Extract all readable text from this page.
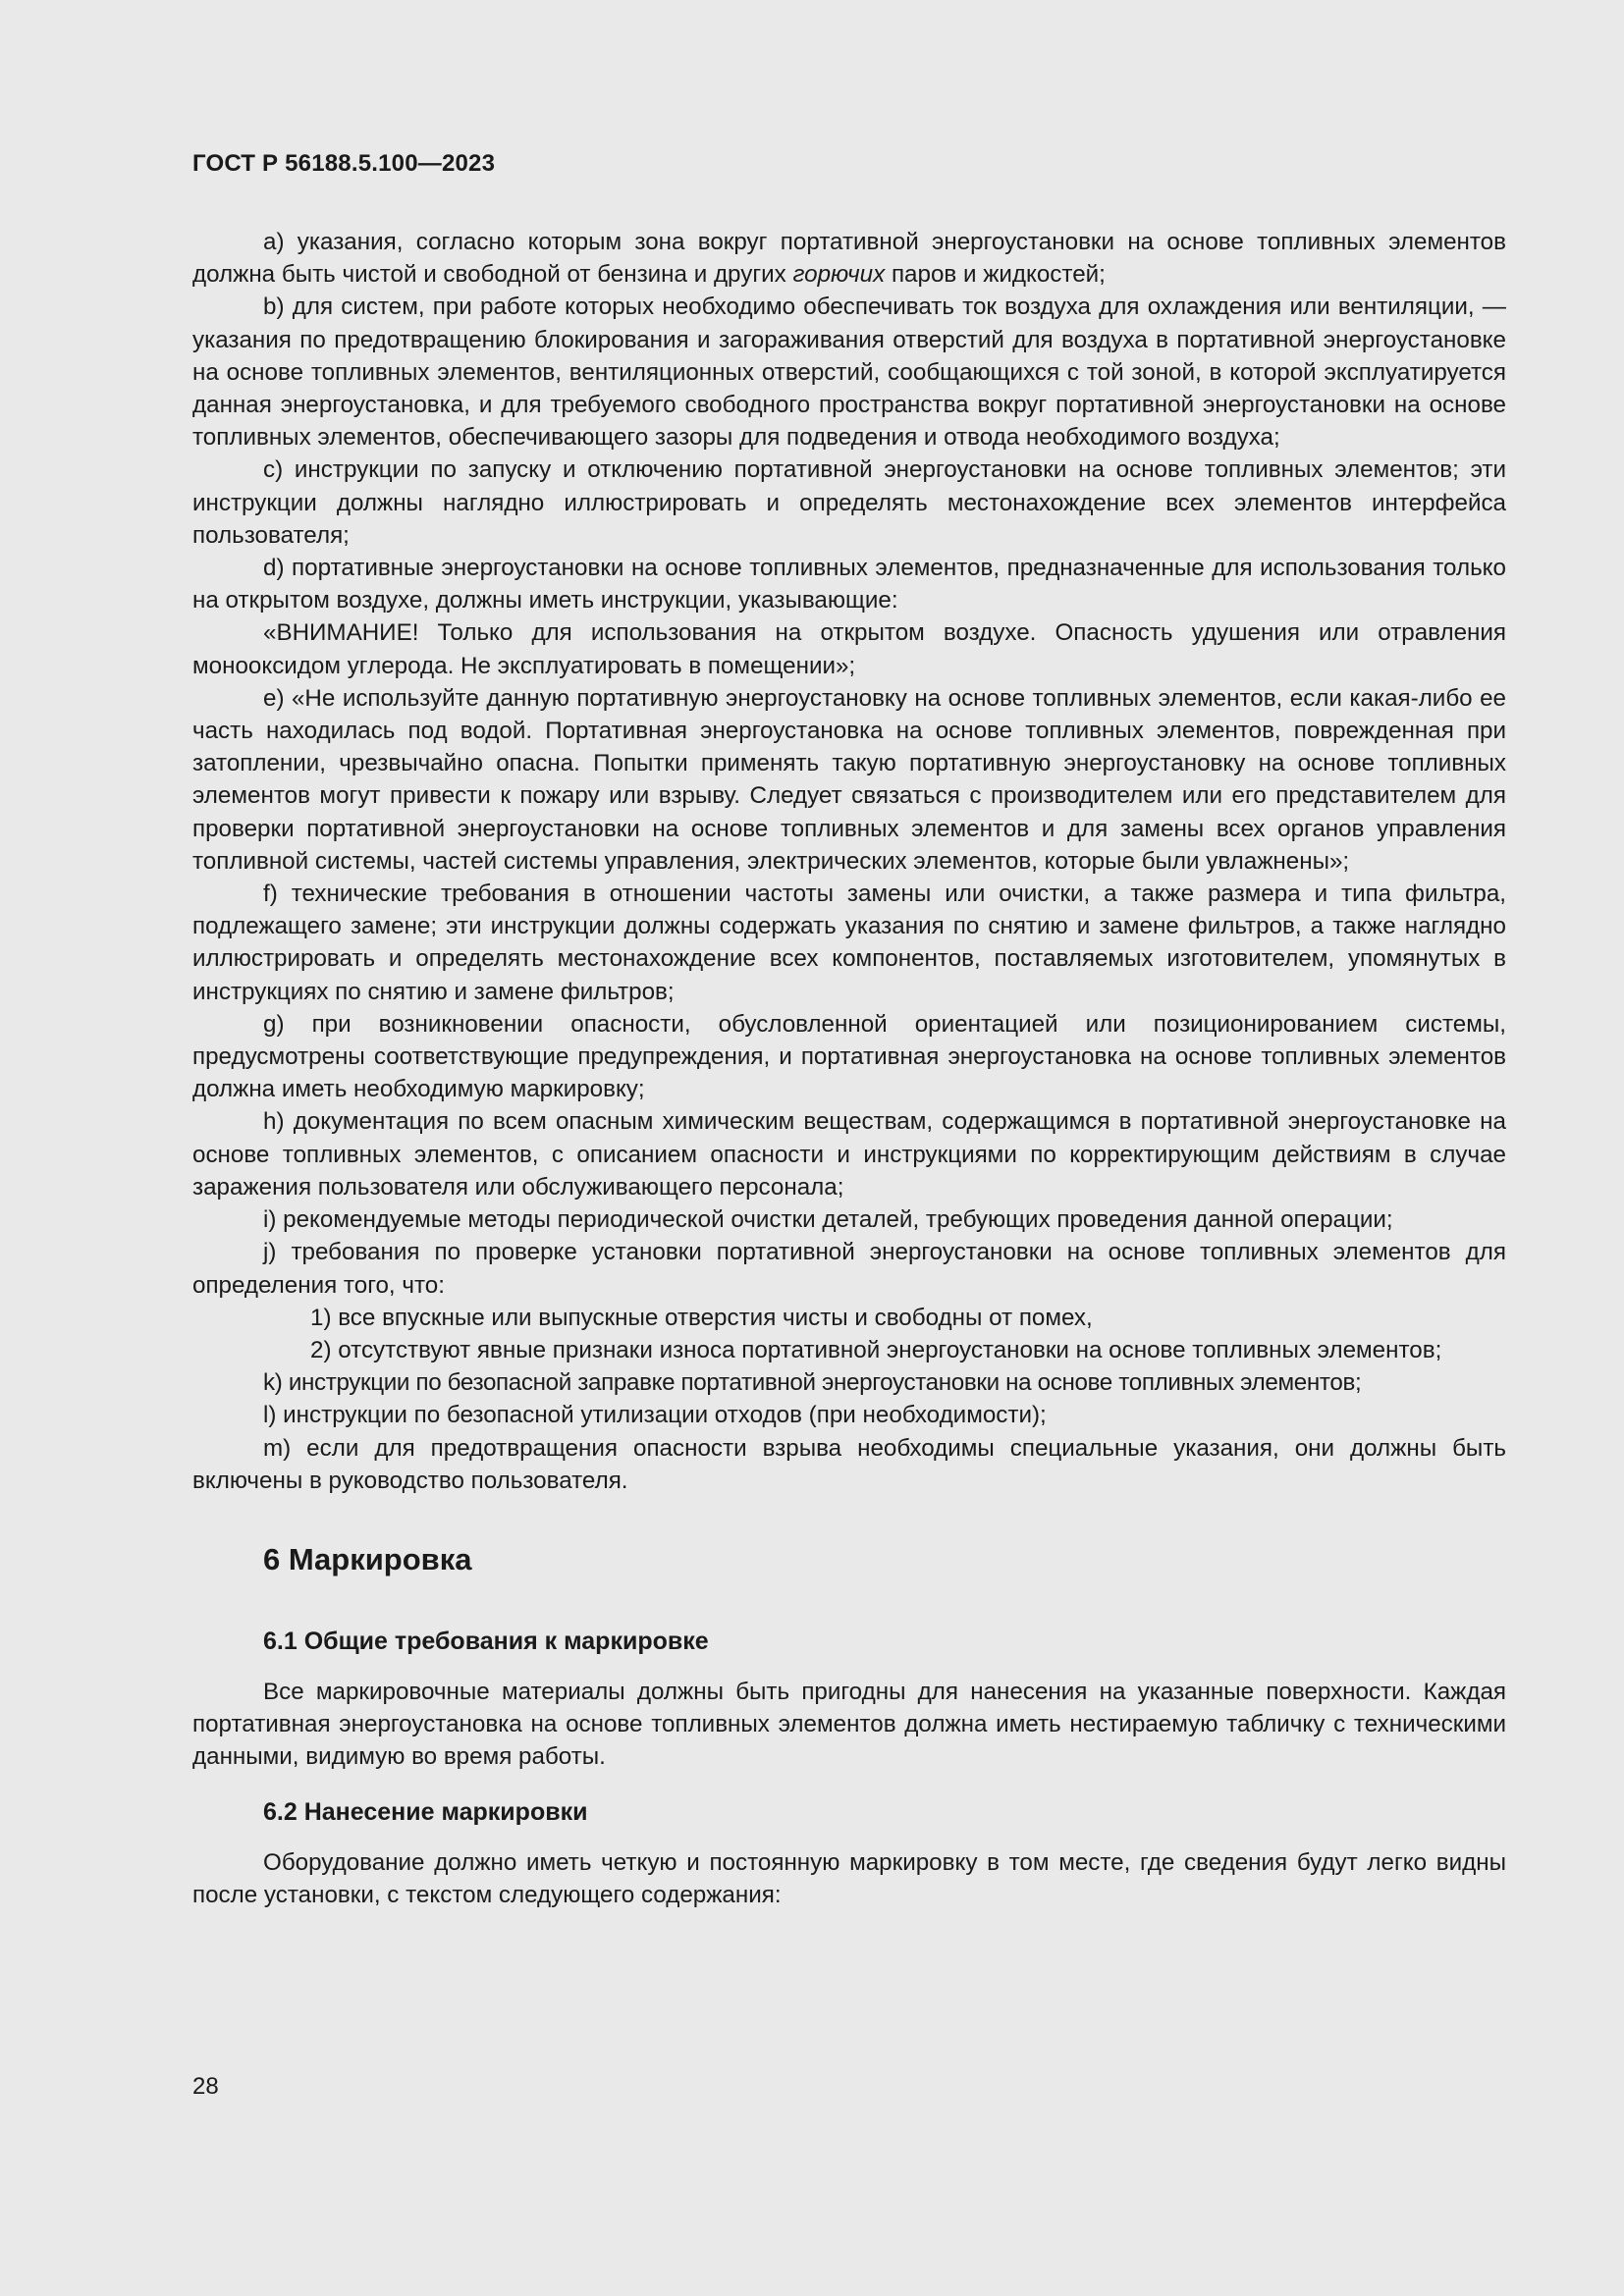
ГОСТ Р 56188.5.100—2023

a) указания, согласно которым зона вокруг портативной энергоустановки на основе топливных элементов должна быть чистой и свободной от бензина и других горючих паров и жидкостей;

b) для систем, при работе которых необходимо обеспечивать ток воздуха для охлаждения или вентиляции, — указания по предотвращению блокирования и загораживания отверстий для воздуха в портативной энергоустановке на основе топливных элементов, вентиляционных отверстий, сообщающихся с той зоной, в которой эксплуатируется данная энергоустановка, и для требуемого свободного пространства вокруг портативной энергоустановки на основе топливных элементов, обеспечивающего зазоры для подведения и отвода необходимого воздуха;

c) инструкции по запуску и отключению портативной энергоустановки на основе топливных элементов; эти инструкции должны наглядно иллюстрировать и определять местонахождение всех элементов интерфейса пользователя;

d) портативные энергоустановки на основе топливных элементов, предназначенные для использования только на открытом воздухе, должны иметь инструкции, указывающие:

«ВНИМАНИЕ! Только для использования на открытом воздухе. Опасность удушения или отравления монооксидом углерода. Не эксплуатировать в помещении»;

e) «Не используйте данную портативную энергоустановку на основе топливных элементов, если какая-либо ее часть находилась под водой. Портативная энергоустановка на основе топливных элементов, поврежденная при затоплении, чрезвычайно опасна. Попытки применять такую портативную энергоустановку на основе топливных элементов могут привести к пожару или взрыву. Следует связаться с производителем или его представителем для проверки портативной энергоустановки на основе топливных элементов и для замены всех органов управления топливной системы, частей системы управления, электрических элементов, которые были увлажнены»;

f) технические требования в отношении частоты замены или очистки, а также размера и типа фильтра, подлежащего замене; эти инструкции должны содержать указания по снятию и замене фильтров, а также наглядно иллюстрировать и определять местонахождение всех компонентов, поставляемых изготовителем, упомянутых в инструкциях по снятию и замене фильтров;

g) при возникновении опасности, обусловленной ориентацией или позиционированием системы, предусмотрены соответствующие предупреждения, и портативная энергоустановка на основе топливных элементов должна иметь необходимую маркировку;

h) документация по всем опасным химическим веществам, содержащимся в портативной энергоустановке на основе топливных элементов, с описанием опасности и инструкциями по корректирующим действиям в случае заражения пользователя или обслуживающего персонала;

i) рекомендуемые методы периодической очистки деталей, требующих проведения данной операции;

j) требования по проверке установки портативной энергоустановки на основе топливных элементов для определения того, что:

1) все впускные или выпускные отверстия чисты и свободны от помех,

2) отсутствуют явные признаки износа портативной энергоустановки на основе топливных элементов;

k) инструкции по безопасной заправке портативной энергоустановки на основе топливных элементов;

l) инструкции по безопасной утилизации отходов (при необходимости);

m) если для предотвращения опасности взрыва необходимы специальные указания, они должны быть включены в руководство пользователя.

6 Маркировка
6.1 Общие требования к маркировке

Все маркировочные материалы должны быть пригодны для нанесения на указанные поверхности. Каждая портативная энергоустановка на основе топливных элементов должна иметь нестираемую табличку с техническими данными, видимую во время работы.

6.2 Нанесение маркировки

Оборудование должно иметь четкую и постоянную маркировку в том месте, где сведения будут легко видны после установки, с текстом следующего содержания:

28
